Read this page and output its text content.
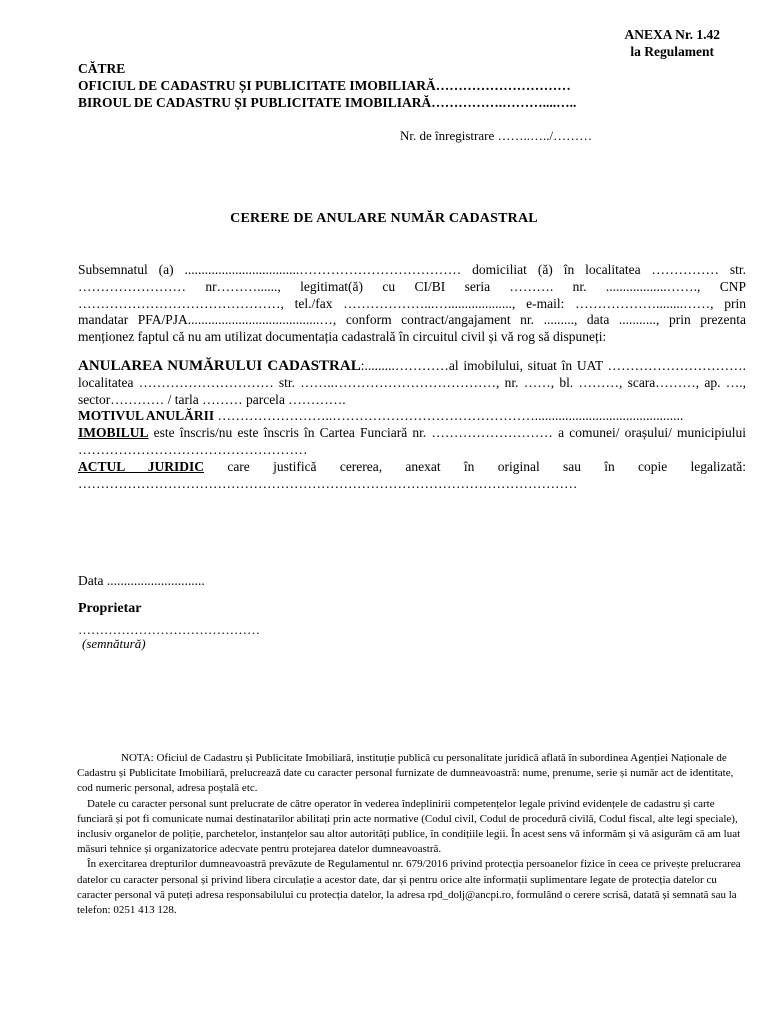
ANEXA Nr. 1.42

la Regulament
CĂTRE
OFICIUL DE CADASTRU ȘI PUBLICITATE IMOBILIARĂ…………………………
BIROUL DE CADASTRU ȘI PUBLICITATE IMOBILIARĂ…………….………....…..
Nr. de înregistrare ……..…../………
CERERE DE ANULARE NUMĂR CADASTRAL

Subsemnatul (a) ..................................……………………………… domiciliat (ă) în localitatea …………… str. …………………… nr………......, legitimat(ă) cu CI/BI seria ………. nr. ..................……., CNP ………………………………………, tel./fax ………………...…..................., e-mail: ………………........……, prin mandatar PFA/PJA.......................................…, conform contract/angajament nr. ........., data ..........., prin prezenta menționez faptul că nu am utilizat documentația cadastrală în circuitul civil și vă rog să dispuneți:

ANULAREA NUMĂRULUI CADASTRAL:.........…………al imobilului, situat în UAT …………………………. localitatea ………………………… str. ……..………………………………, nr. ……, bl. ………, scara………, ap. …., sector………… / tarla ……… parcela ………….

MOTIVUL ANULĂRII ……………………..………………………………………............................................

IMOBILUL este înscris/nu este înscris în Cartea Funciară nr. ……………………… a comunei/ orașului/ municipiului ……………………………………………

ACTUL JURIDIC care justifică cererea, anexat în original sau în copie legalizată: …………………………………………………………………………………………………

Data .............................
Proprietar
……………………………………
(semnătură)

NOTA: Oficiul de Cadastru și Publicitate Imobiliară, instituție publică cu personalitate juridică aflată în subordinea Agenției Naționale de Cadastru și Publicitate Imobiliară, prelucrează date cu caracter personal furnizate de dumneavoastră: nume, prenume, serie și număr act de identitate, cod numeric personal, adresa poștală etc.

Datele cu caracter personal sunt prelucrate de către operator în vederea îndeplinirii competențelor legale privind evidențele de cadastru și carte funciară și pot fi comunicate numai destinatarilor abilitați prin acte normative (Codul civil, Codul de procedură civilă, Codul fiscal, alte legi speciale), inclusiv organelor de poliție, parchetelor, instanțelor sau altor autorități publice, în condițiile legii. În acest sens vă informăm și vă asigurăm că am luat măsuri tehnice și organizatorice adecvate pentru protejarea datelor dumneavoastră.

În exercitarea drepturilor dumneavoastră prevăzute de Regulamentul nr. 679/2016 privind protecția persoanelor fizice în ceea ce privește prelucrarea datelor cu caracter personal și privind libera circulație a acestor date, dar și pentru orice alte informații suplimentare legate de protecția datelor cu caracter personal vă puteți adresa responsabilului cu protecția datelor, la adresa rpd_dolj@ancpi.ro, formulând o cerere scrisă, datată și semnată sau la telefon: 0251 413 128.
